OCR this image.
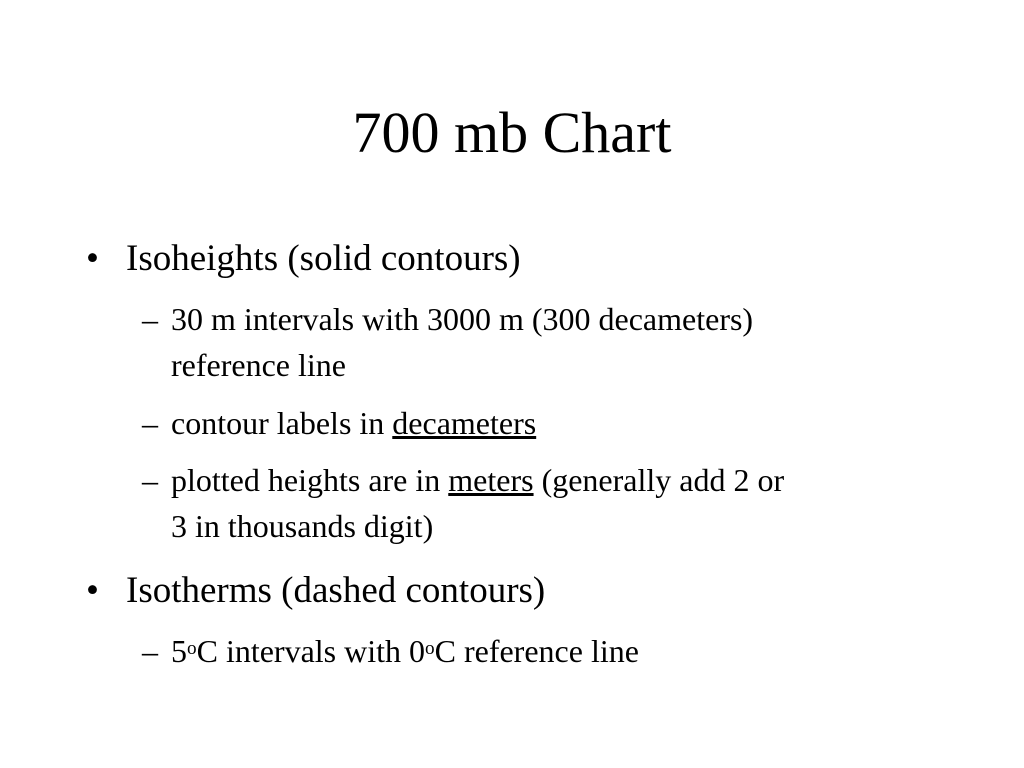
700 mb Chart
• Isoheights (solid contours)
– 30 m intervals with 3000 m (300 decameters)
reference line
– contour labels in decameters
– plotted heights are in meters (generally add 2 or
3 in thousands digit)
• Isotherms (dashed contours)
– 5$^o$C intervals with 0$^o$C reference line
